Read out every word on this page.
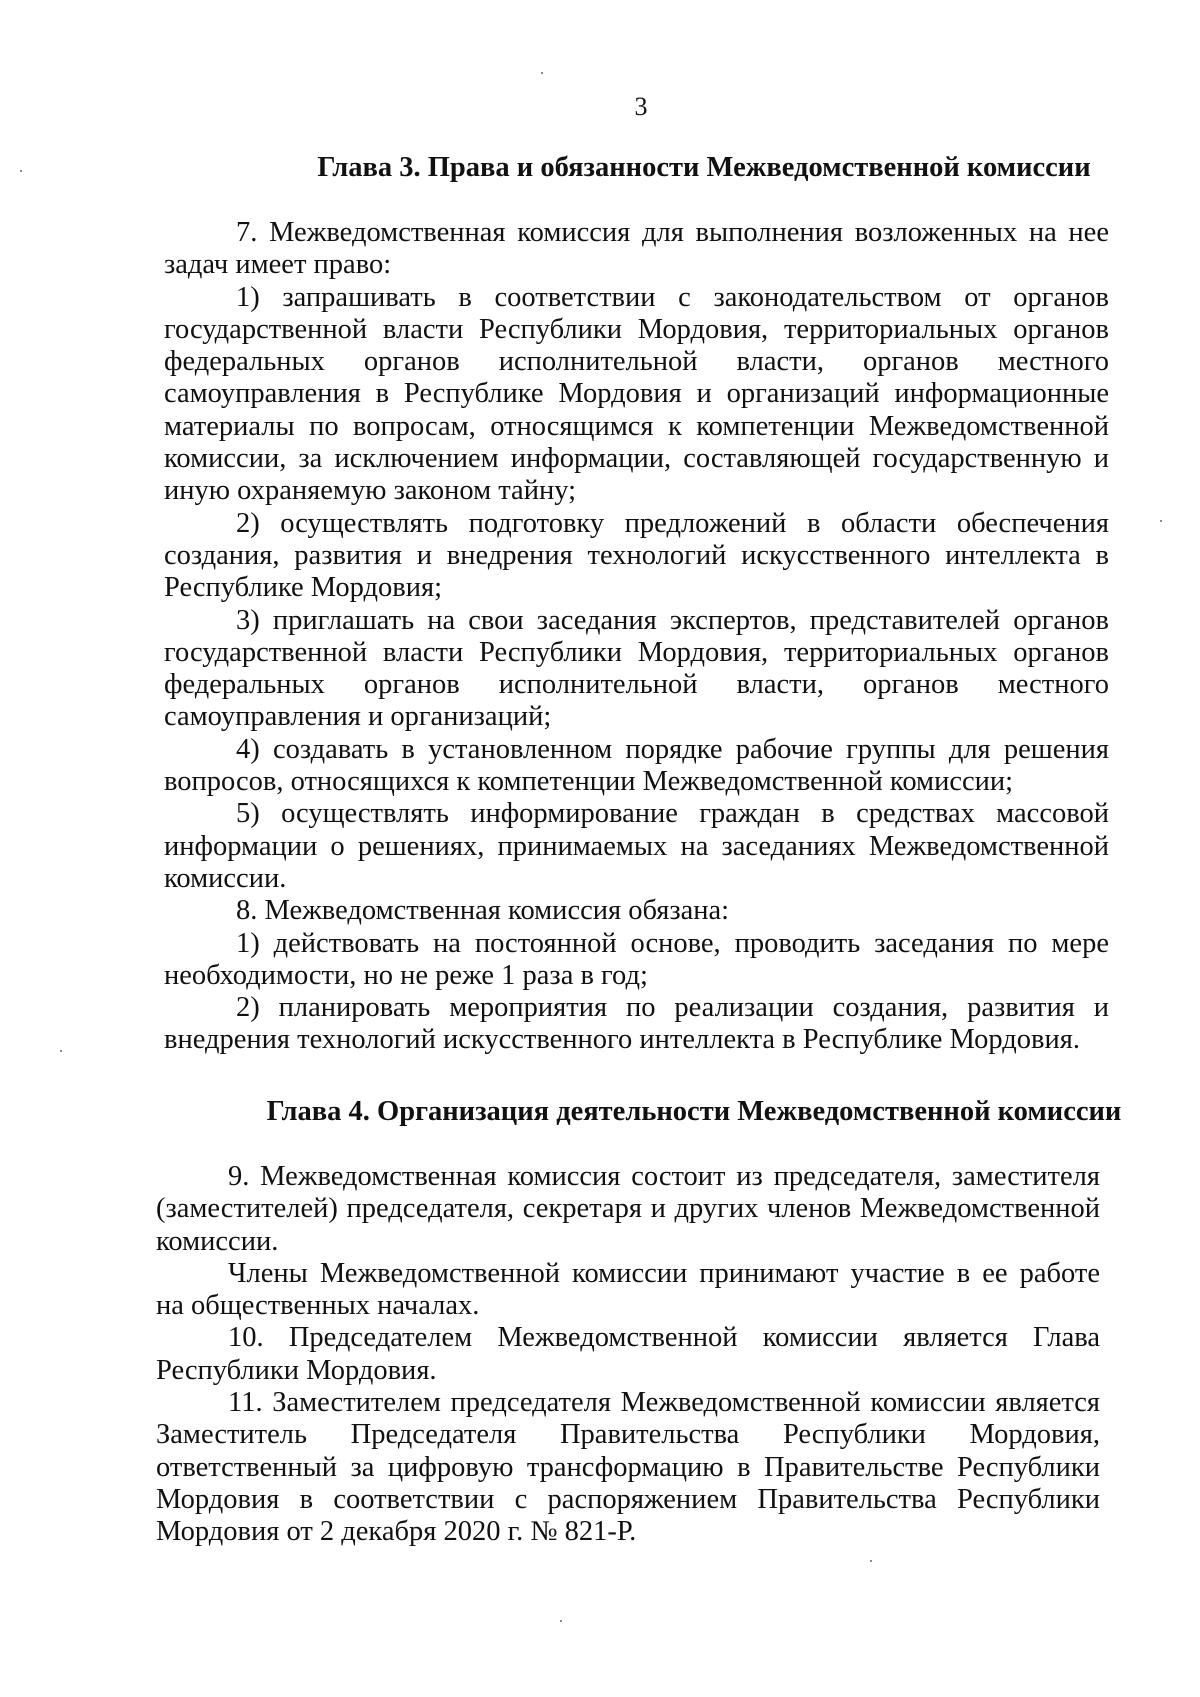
3
Глава 3. Права и обязанности Межведомственной комиссии

7. Межведомственная комиссия для выполнения возложенных на нее задач имеет право:

1) запрашивать в соответствии с законодательством от органов государственной власти Республики Мордовия, территориальных органов федеральных органов исполнительной власти, органов местного самоуправления в Республике Мордовия и организаций информационные материалы по вопросам, относящимся к компетенции Межведомственной комиссии, за исключением информации, составляющей государственную и иную охраняемую законом тайну;

2) осуществлять подготовку предложений в области обеспечения создания, развития и внедрения технологий искусственного интеллекта в Республике Мордовия;

3) приглашать на свои заседания экспертов, представителей органов государственной власти Республики Мордовия, территориальных органов федеральных органов исполнительной власти, органов местного самоуправления и организаций;

4) создавать в установленном порядке рабочие группы для решения вопросов, относящихся к компетенции Межведомственной комиссии;

5) осуществлять информирование граждан в средствах массовой информации о решениях, принимаемых на заседаниях Межведомственной комиссии.

8. Межведомственная комиссия обязана:

1) действовать на постоянной основе, проводить заседания по мере необходимости, но не реже 1 раза в год;

2) планировать мероприятия по реализации создания, развития и внедрения технологий искусственного интеллекта в Республике Мордовия.

Глава 4. Организация деятельности Межведомственной комиссии

9. Межведомственная комиссия состоит из председателя, заместителя (заместителей) председателя, секретаря и других членов Межведомственной комиссии.

Члены Межведомственной комиссии принимают участие в ее работе на общественных началах.

10. Председателем Межведомственной комиссии является Глава Республики Мордовия.

11. Заместителем председателя Межведомственной комиссии является Заместитель Председателя Правительства Республики Мордовия, ответственный за цифровую трансформацию в Правительстве Республики Мордовия в соответствии с распоряжением Правительства Республики Мордовия от 2 декабря 2020 г. № 821-Р.
